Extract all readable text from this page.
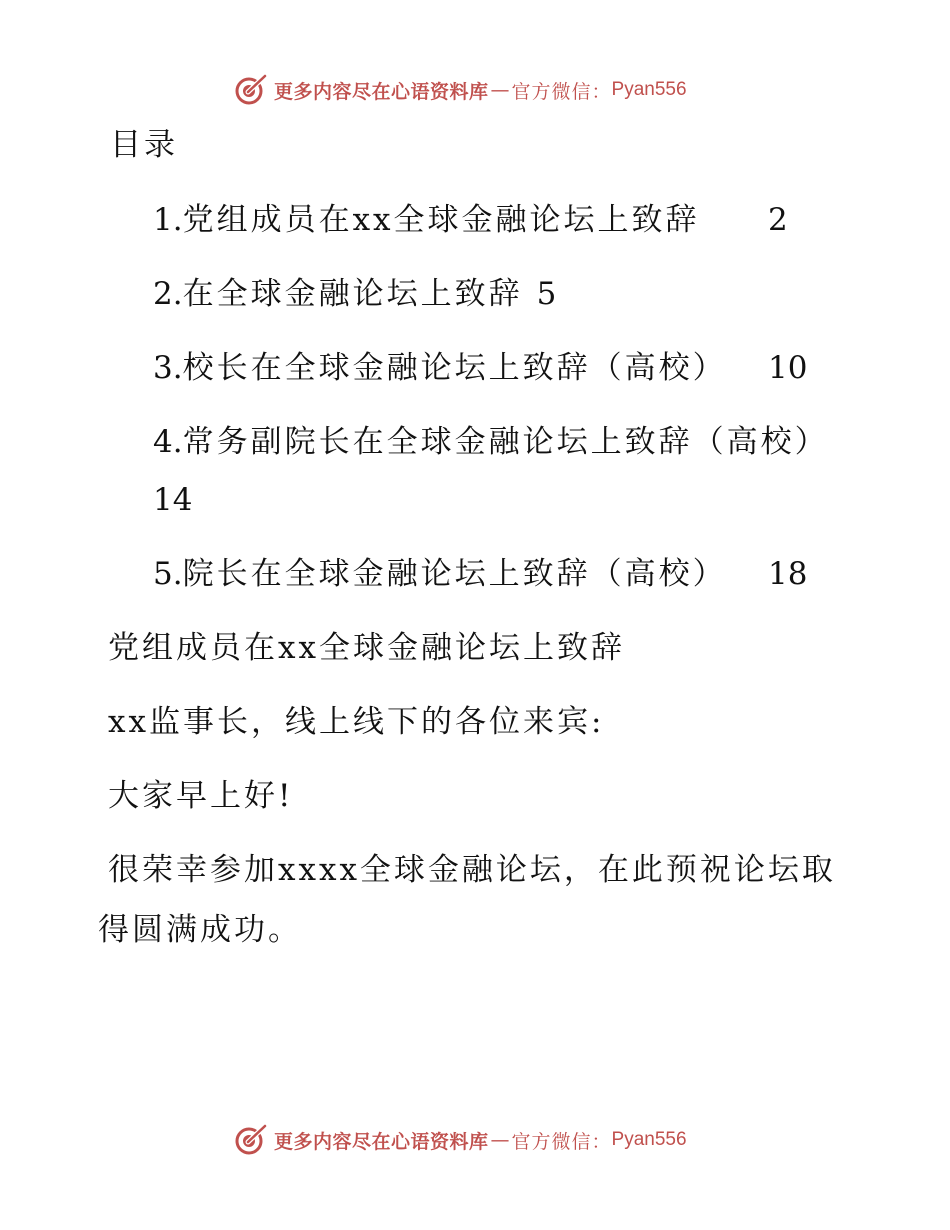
更多内容尽在心语资料库 — 官方微信： Pyan556
目录
1.党组成员在xx全球金融论坛上致辞 2
2.在全球金融论坛上致辞 5
3.校长在全球金融论坛上致辞（高校） 10
4.常务副院长在全球金融论坛上致辞（高校）
14
5.院长在全球金融论坛上致辞（高校） 18
党组成员在xx全球金融论坛上致辞
xx监事长，线上线下的各位来宾:
大家早上好!
很荣幸参加xxxx全球金融论坛，在此预祝论坛取
得圆满成功。
更多内容尽在心语资料库 — 官方微信： Pyan556
